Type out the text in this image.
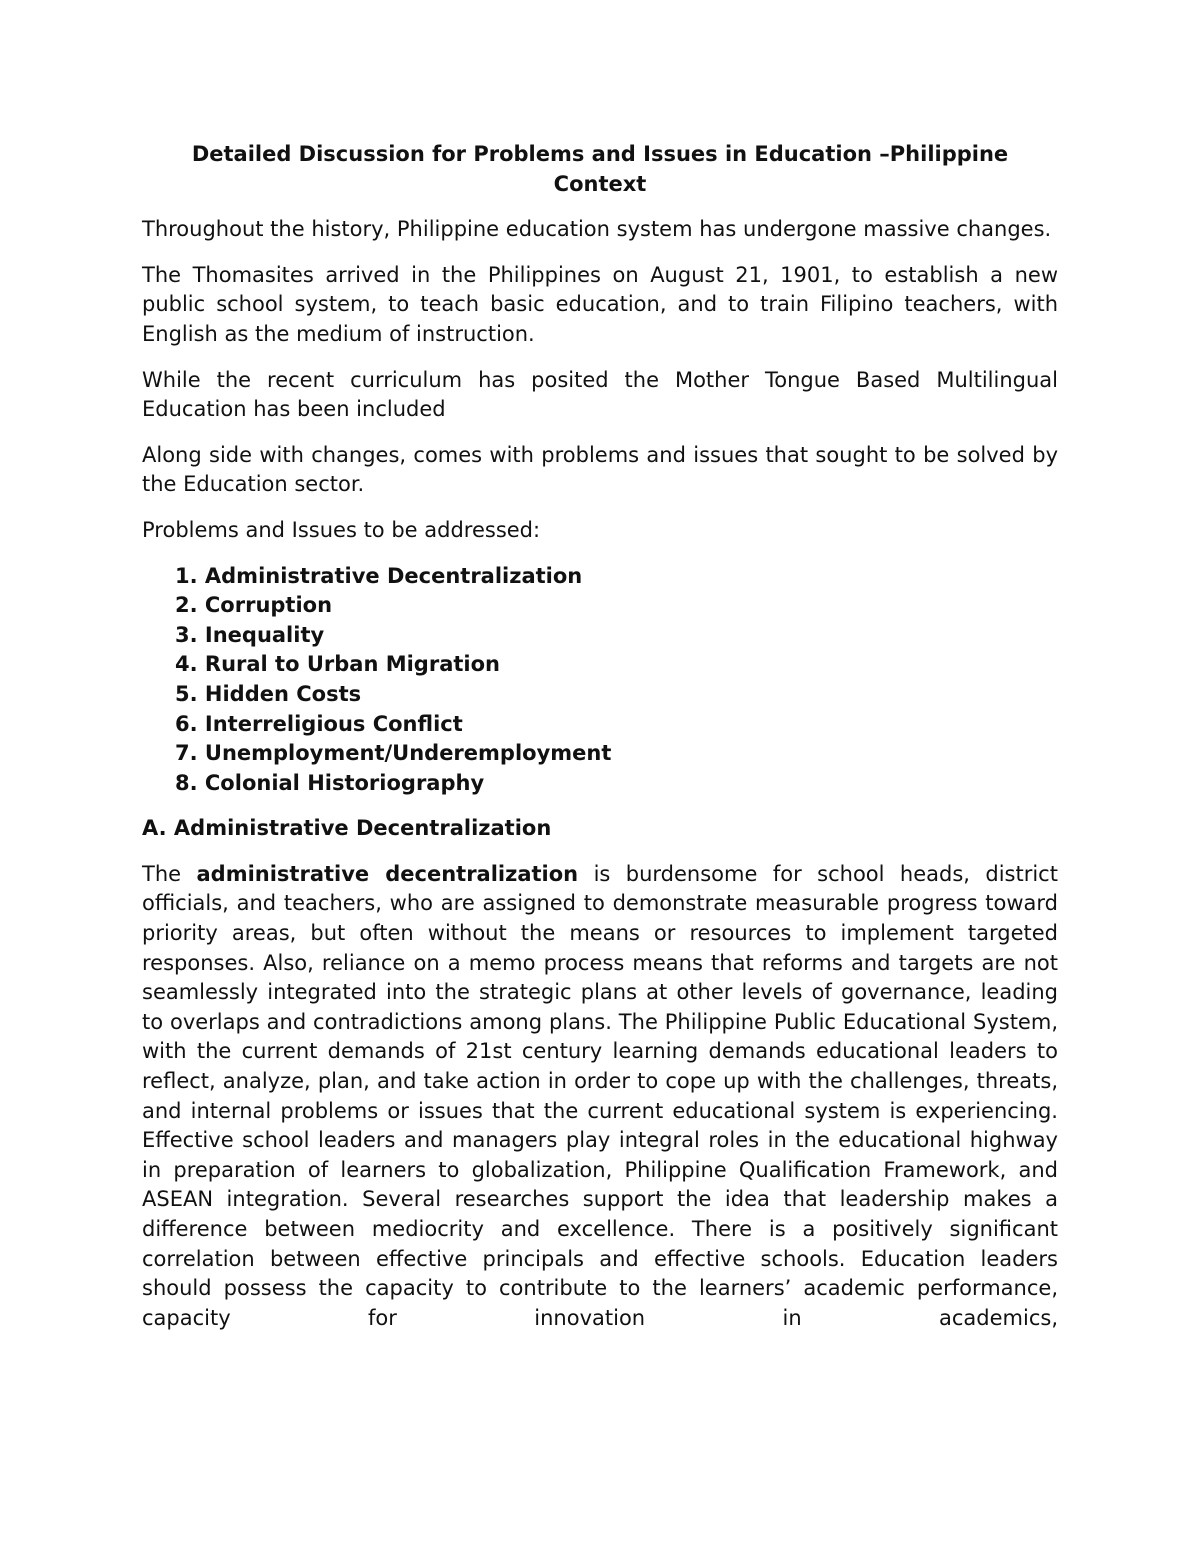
Detailed Discussion for Problems and Issues in Education –Philippine
Context

Throughout the history, Philippine education system has undergone massive changes.

The Thomasites arrived in the Philippines on August 21, 1901, to establish a new public school system, to teach basic education, and to train Filipino teachers, with English as the medium of instruction.

While the recent curriculum has posited the Mother Tongue Based Multilingual Education has been included

Along side with changes, comes with problems and issues that sought to be solved by the Education sector.

Problems and Issues to be addressed:

1. Administrative Decentralization
2. Corruption
3. Inequality
4. Rural to Urban Migration
5. Hidden Costs
6. Interreligious Conflict
7. Unemployment/Underemployment
8. Colonial Historiography
A. Administrative Decentralization

The administrative decentralization is burdensome for school heads, district officials, and teachers, who are assigned to demonstrate measurable progress toward priority areas, but often without the means or resources to implement targeted responses. Also, reliance on a memo process means that reforms and targets are not seamlessly integrated into the strategic plans at other levels of governance, leading to overlaps and contradictions among plans. The Philippine Public Educational System, with the current demands of 21st century learning demands educational leaders to reflect, analyze, plan, and take action in order to cope up with the challenges, threats, and internal problems or issues that the current educational system is experiencing. Effective school leaders and managers play integral roles in the educational highway in preparation of learners to globalization, Philippine Qualification Framework, and ASEAN integration. Several researches support the idea that leadership makes a difference between mediocrity and excellence. There is a positively significant correlation between effective principals and effective schools. Education leaders should possess the capacity to contribute to the learners’ academic performance, capacity for innovation in academics,
